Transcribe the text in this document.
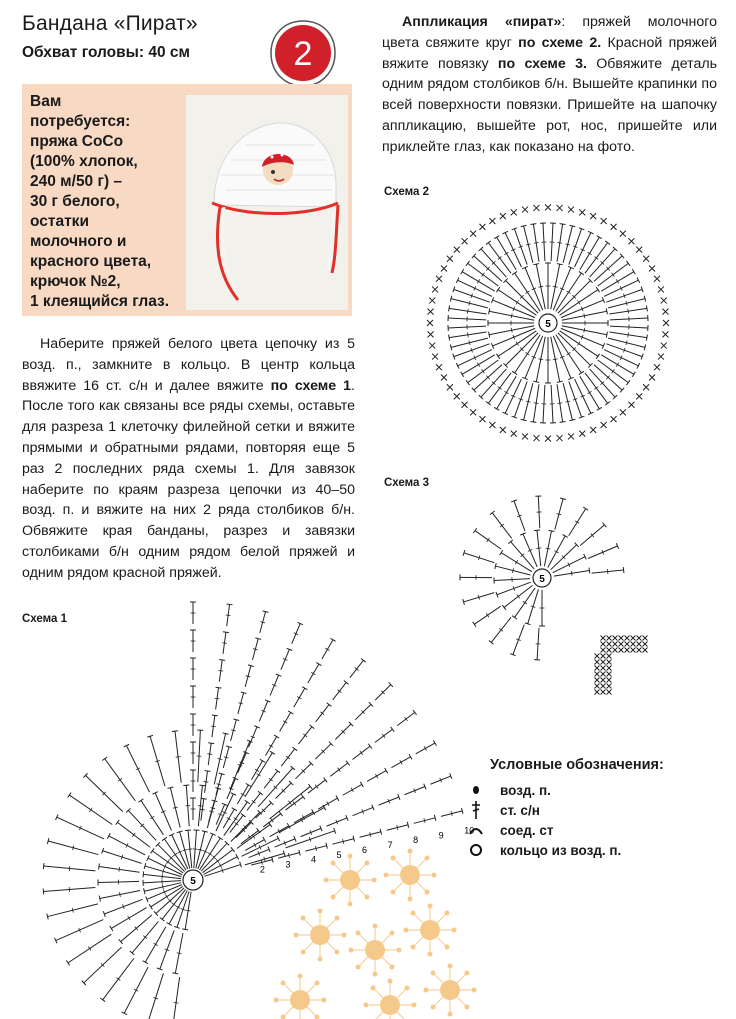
Бандана «Пират»
Обхват головы: 40 см	2
Вам
потребуется:
пряжа CoCo
(100% хлопок,
240 м/50 г) –
30 г белого,
остатки
молочного и
красного цвета,
крючок №2,
1 клеящийся глаз.
Наберите пряжей белого цвета цепочку из 5 возд. п., замкните в кольцо. В центр кольца ввяжите 16 ст. с/н и далее вяжите по схеме 1. После того как связаны все ряды схемы, оставьте для разреза 1 клеточку филейной сетки и вяжите прямыми и обратными рядами, повторяя еще 5 раз 2 последних ряда схемы 1. Для завязок наберите по краям разреза цепочки из 40–50 возд. п. и вяжите на них 2 ряда столбиков б/н. Обвяжите края банданы, разрез и завязки столбиками б/н одним рядом белой пряжей и одним рядом красной пряжей.
Аппликация «пират»: пряжей молочного цвета свяжите круг по схеме 2. Красной пряжей вяжите повязку по схеме 3. Обвяжите деталь одним рядом столбиков б/н. Вышейте крапинки по всей поверхности повязки. Пришейте на шапочку аппликацию, вышейте рот, нос, пришейте или приклейте глаз, как показано на фото.
Схема 2
Схема 3
Схема 1
5
5
5
2 3 4 5 6 7 8 9 10
Условные обозначения:
возд. п.
ст. с/н
соед. ст
кольцо из возд. п.
